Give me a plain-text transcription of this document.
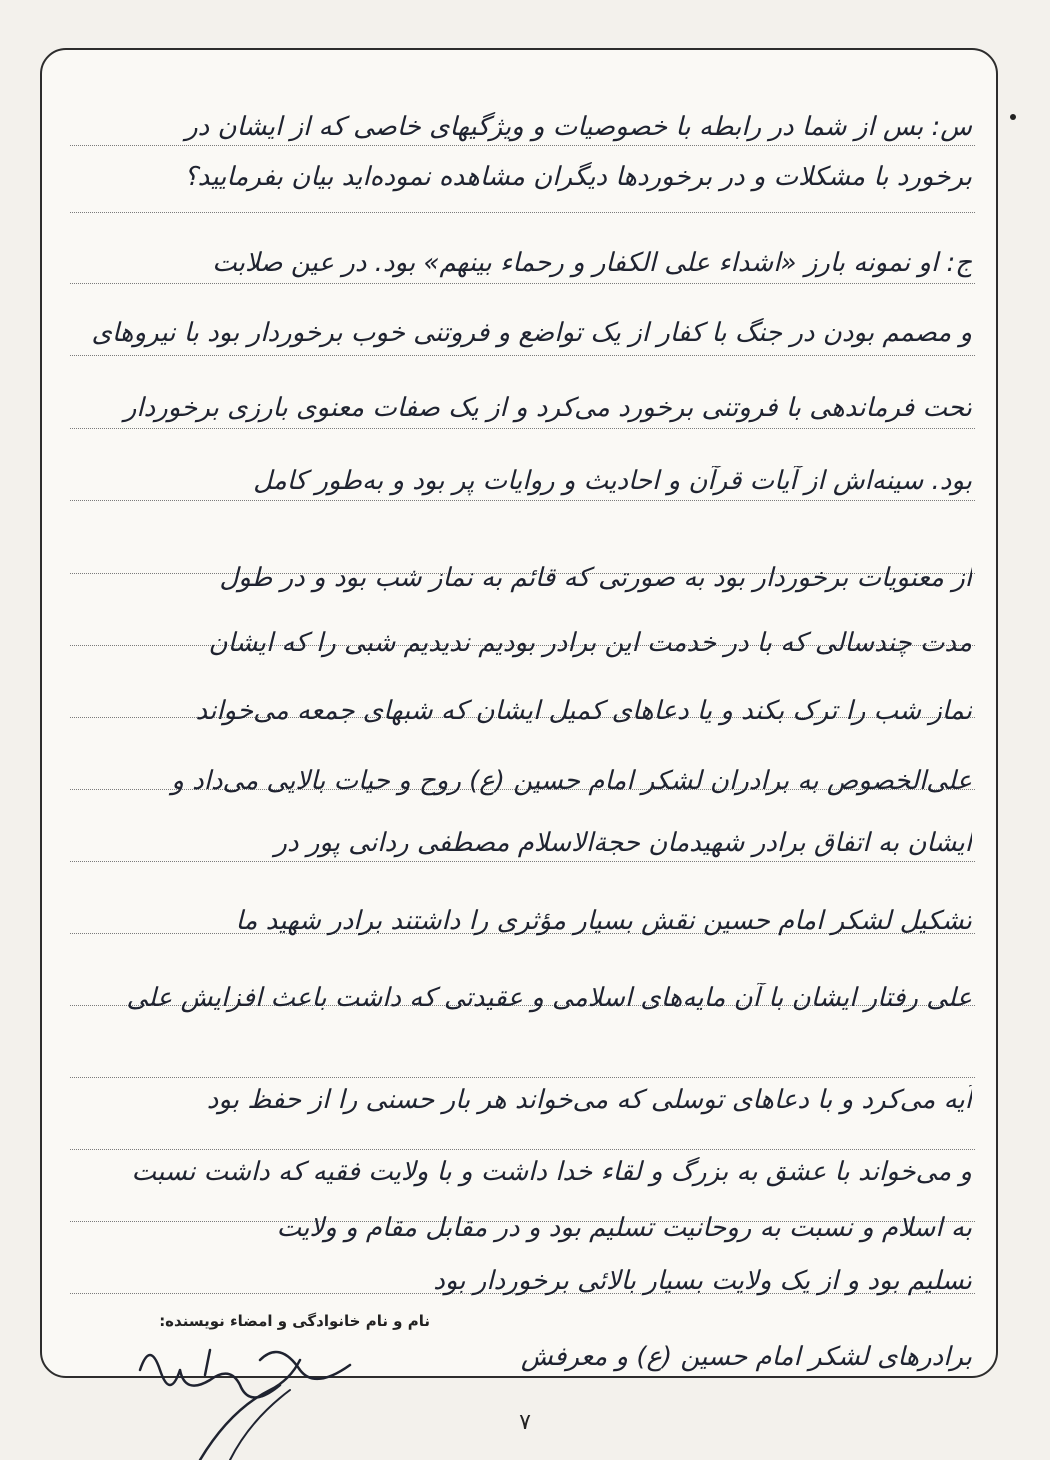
س: بس از شما در رابطه با خصوصیات و ویژگیهای خاصی که از ایشان در
برخورد با مشکلات و در برخوردها دیگران مشاهده نموده‌اید بیان بفرمایید؟
ج: او نمونه بارز «اشداء علی الکفار و رحماء بینهم» بود. در عین صلابت
و مصمم بودن در جنگ با کفار از یک تواضع و فروتنی خوب برخوردار بود با نیروهای
تحت فرماندهی با فروتنی برخورد می‌کرد و از یک صفات معنوی بارزی برخوردار
بود. سینه‌اش از آیات قرآن و احادیث و روایات پر بود و به‌طور کامل
از معنویات برخوردار بود به صورتی که قائم به نماز شب بود و در طول
مدت چندسالی که با در خدمت این برادر بودیم ندیدیم شبی را که ایشان
نماز شب را ترک بکند و یا دعاهای کمیل ایشان که شبهای جمعه می‌خواند
علی‌الخصوص به برادران لشکر امام حسین (ع) روح و حیات بالایی می‌داد و
ایشان به اتفاق برادر شهیدمان حجة‌الاسلام مصطفی ردانی پور در
تشکیل لشکر امام حسین نقش بسیار مؤثری را داشتند برادر شهید ما
علی رفتار ایشان با آن مایه‌های اسلامی و عقیدتی که داشت باعث افزایش علی
آیه می‌کرد و با دعاهای توسلی که می‌خواند هر بار حسنی را از حفظ بود
و می‌خواند با عشق به بزرگ و لقاء خدا داشت و با ولایت فقیه که داشت نسبت
به اسلام و نسبت به روحانیت تسلیم بود و در مقابل مقام و ولایت
تسلیم بود و از یک ولایت بسیار بالائی برخوردار بود
برادرهای لشکر امام حسین (ع) و معرفش
نام و نام خانوادگی و امضاء نویسنده:
۷
